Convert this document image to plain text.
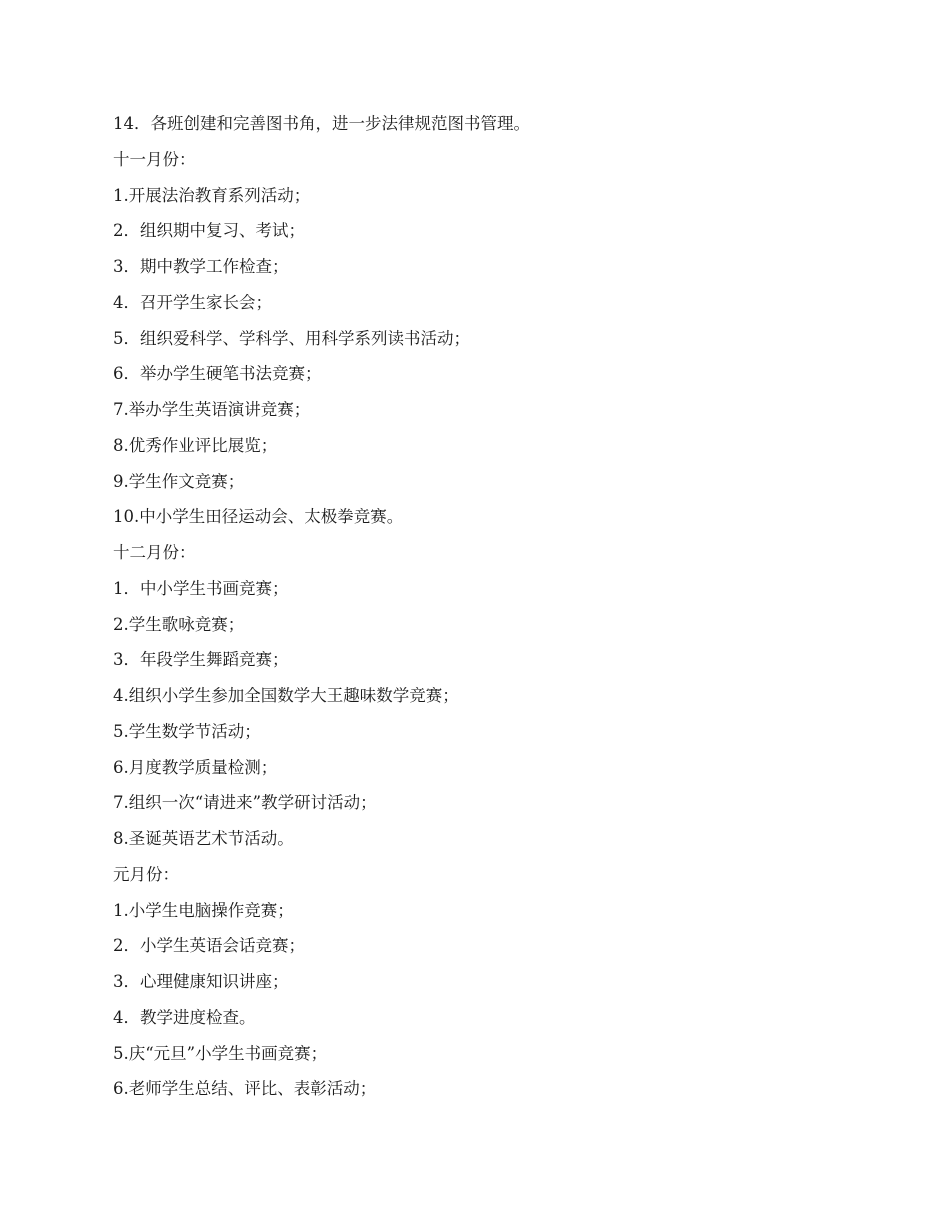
14．各班创建和完善图书角，进一步法律规范图书管理。
十一月份：
1.开展法治教育系列活动；
2．组织期中复习、考试；
3．期中教学工作检查；
4．召开学生家长会；
5．组织爱科学、学科学、用科学系列读书活动；
6．举办学生硬笔书法竞赛；
7.举办学生英语演讲竞赛；
8.优秀作业评比展览；
9.学生作文竞赛；
10.中小学生田径运动会、太极拳竞赛。
十二月份：
1．中小学生书画竞赛；
2.学生歌咏竞赛；
3．年段学生舞蹈竞赛；
4.组织小学生参加全国数学大王趣味数学竞赛；
5.学生数学节活动；
6.月度教学质量检测；
7.组织一次“请进来”教学研讨活动；
8.圣诞英语艺术节活动。
元月份：
1.小学生电脑操作竞赛；
2．小学生英语会话竞赛；
3．心理健康知识讲座；
4．教学进度检查。
5.庆“元旦”小学生书画竞赛；
6.老师学生总结、评比、表彰活动；
